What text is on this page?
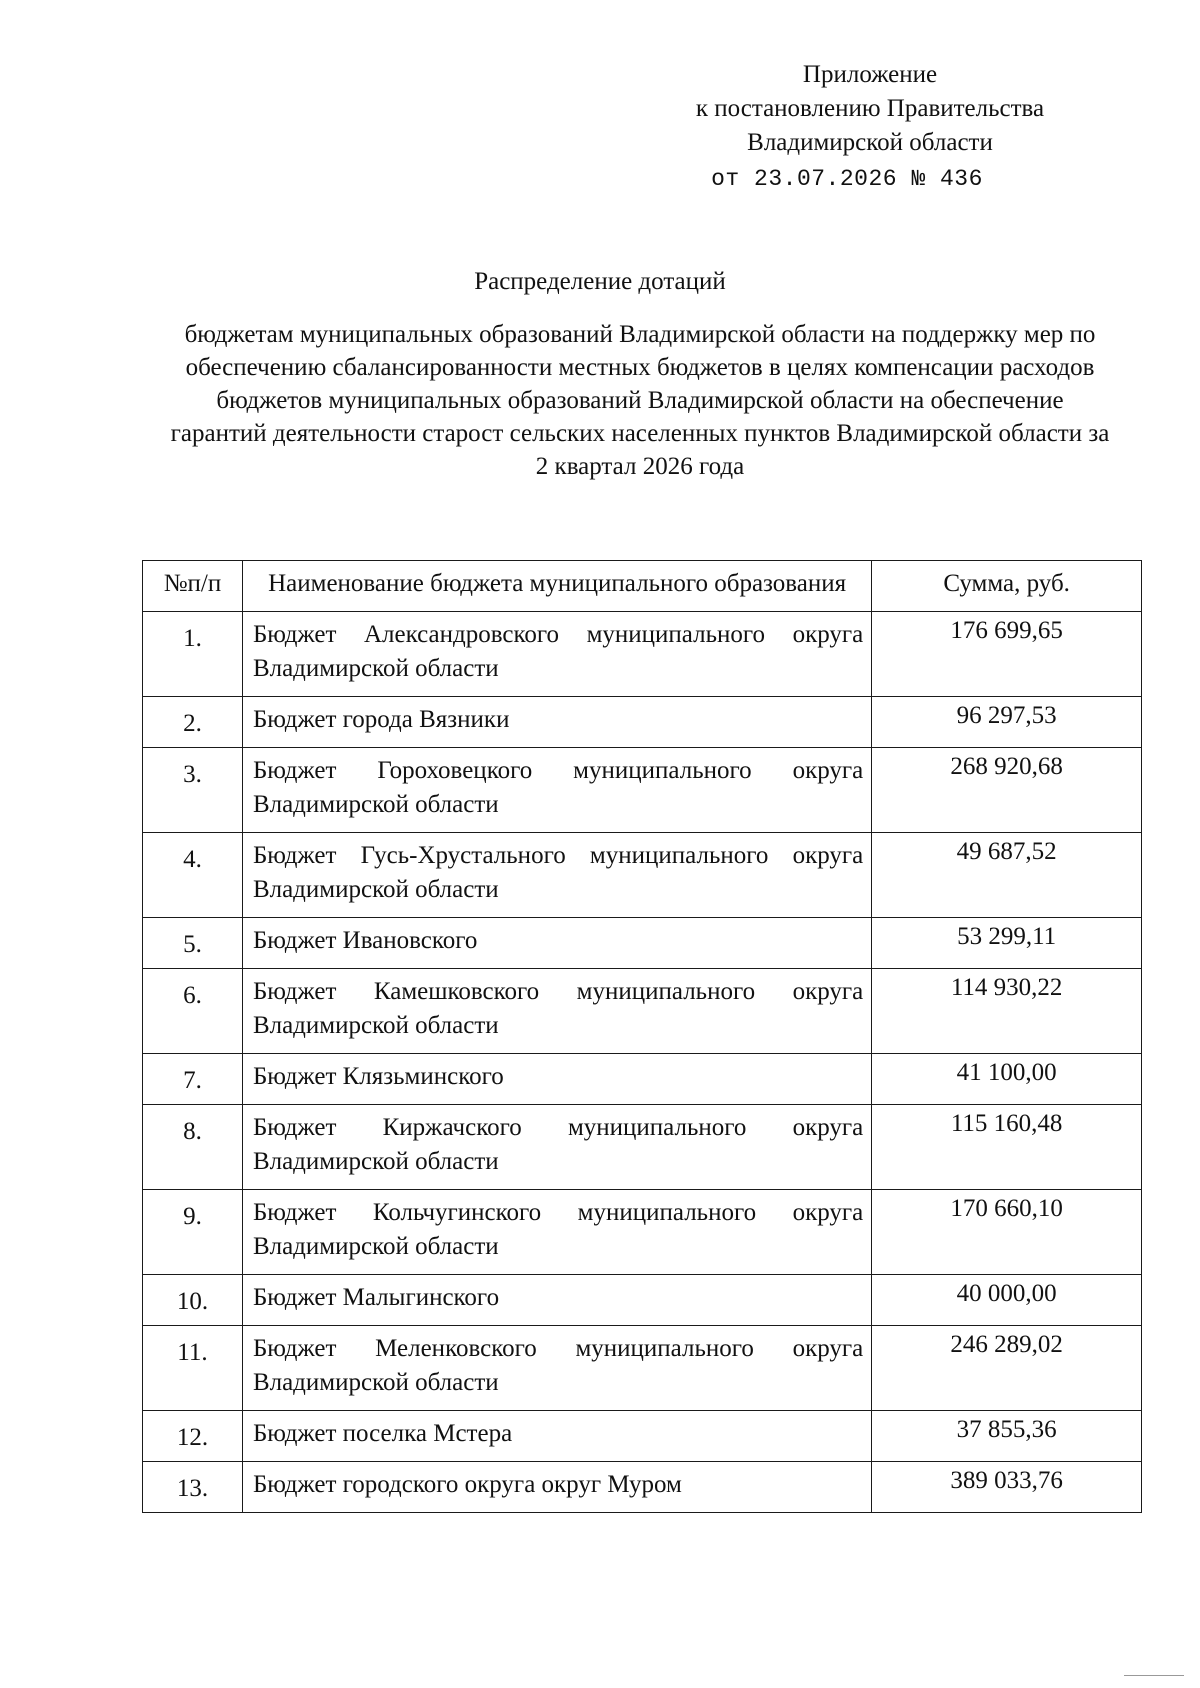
Приложение
к постановлению Правительства
Владимирской области
от 23.07.2026 № 436
Распределение дотаций
бюджетам муниципальных образований Владимирской области на поддержку мер по обеспечению сбалансированности местных бюджетов в целях компенсации расходов бюджетов муниципальных образований Владимирской области на обеспечение гарантий деятельности старост сельских населенных пунктов Владимирской области за 2 квартал 2026 года
№п/п	Наименование бюджета муниципального образования	Сумма, руб.
1.	Бюджет Александровского муниципального округа Владимирской области	176 699,65
2.	Бюджет города Вязники	96 297,53
3.	Бюджет Гороховецкого муниципального округа Владимирской области	268 920,68
4.	Бюджет Гусь-Хрустального муниципального округа Владимирской области	49 687,52
5.	Бюджет Ивановского	53 299,11
6.	Бюджет Камешковского муниципального округа Владимирской области	114 930,22
7.	Бюджет Клязьминского	41 100,00
8.	Бюджет Киржачского муниципального округа Владимирской области	115 160,48
9.	Бюджет Кольчугинского муниципального округа Владимирской области	170 660,10
10.	Бюджет Малыгинского	40 000,00
11.	Бюджет Меленковского муниципального округа Владимирской области	246 289,02
12.	Бюджет поселка Мстера	37 855,36
13.	Бюджет городского округа округ Муром	389 033,76
